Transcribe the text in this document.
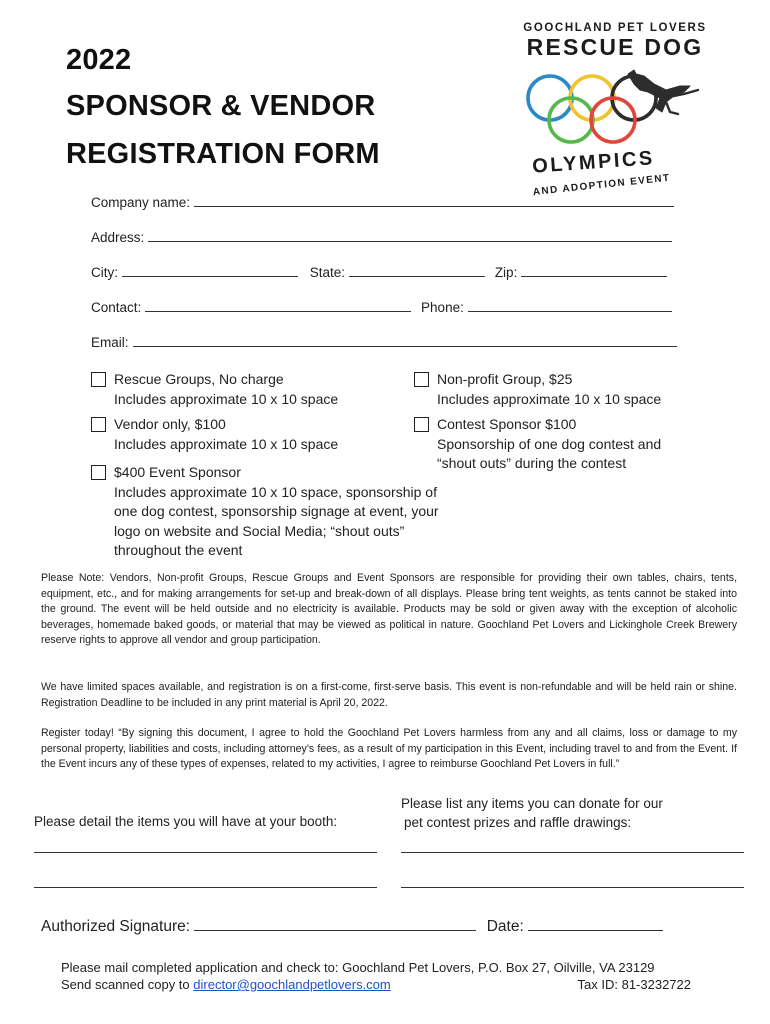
2022
SPONSOR & VENDOR
REGISTRATION FORM
GOOCHLAND PET LOVERS
RESCUE DOG
OLYMPICS
AND ADOPTION EVENT
Company name:
Address:
City:	State:	Zip:
Contact:	Phone:
Email:
Rescue Groups, No charge
Includes approximate 10 x 10 space
Vendor only, $100
Includes approximate 10 x 10 space
$400 Event Sponsor
Includes approximate 10 x 10 space, sponsorship of one dog contest, sponsorship signage at event, your logo on website and Social Media; “shout outs” throughout the event
Non-profit Group, $25
Includes approximate 10 x 10 space
Contest Sponsor $100
Sponsorship of one dog contest and “shout outs” during the contest
Please Note: Vendors, Non-profit Groups, Rescue Groups and Event Sponsors are responsible for providing their own tables, chairs, tents, equipment, etc., and for making arrangements for set-up and break-down of all displays. Please bring tent weights, as tents cannot be staked into the ground. The event will be held outside and no electricity is available. Products may be sold or given away with the exception of alcoholic beverages, homemade baked goods, or material that may be viewed as political in nature. Goochland Pet Lovers and Lickinghole Creek Brewery reserve rights to approve all vendor and group participation.
We have limited spaces available, and registration is on a first-come, first-serve basis. This event is non-refundable and will be held rain or shine. Registration Deadline to be included in any print material is April 20, 2022.
Register today! “By signing this document, I agree to hold the Goochland Pet Lovers harmless from any and all claims, loss or damage to my personal property, liabilities and costs, including attorney’s fees, as a result of my participation in this Event, including travel to and from the Event. If the Event incurs any of these types of expenses, related to my activities, I agree to reimburse Goochland Pet Lovers in full.”
Please detail the items you will have at your booth:
Please list any items you can donate for our
pet contest prizes and raffle drawings:
Authorized Signature:	Date:
Please mail completed application and check to: Goochland Pet Lovers, P.O. Box 27, Oilville, VA 23129
Send scanned copy to director@goochlandpetlovers.com	Tax ID: 81-3232722
